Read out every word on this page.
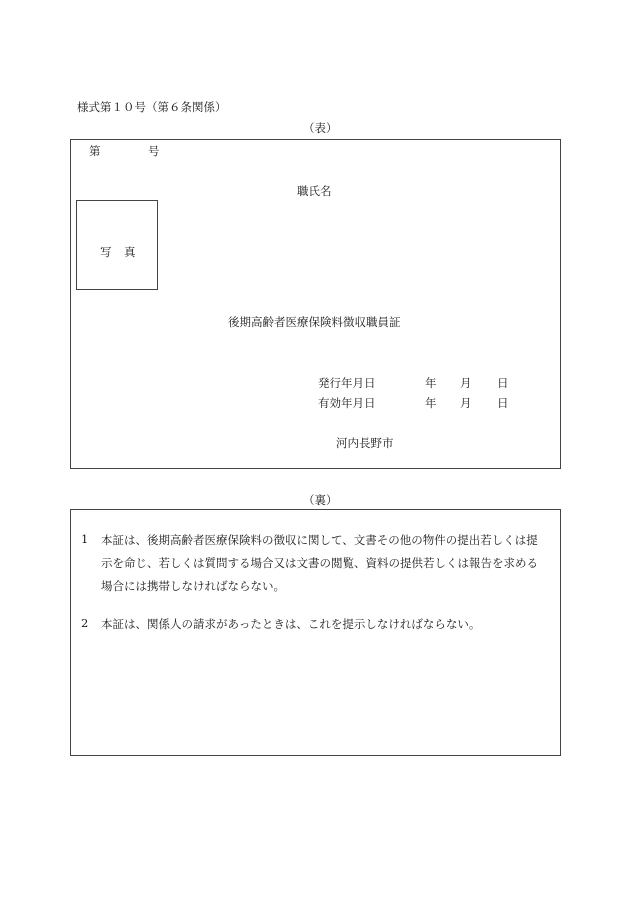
様式第１０号（第６条関係）
（表）
第	号
職氏名
写 真
後期高齢者医療保険料徴収職員証
発行年月日	年 月 日
有効年月日	年 月 日
河内長野市
（裏）
1 本証は、後期高齢者医療保険料の徴収に関して、文書その他の物件の提出若しくは提
示を命じ、若しくは質問する場合又は文書の閲覧、資料の提供若しくは報告を求める
場合には携帯しなければならない。
2 本証は、関係人の請求があったときは、これを提示しなければならない。
